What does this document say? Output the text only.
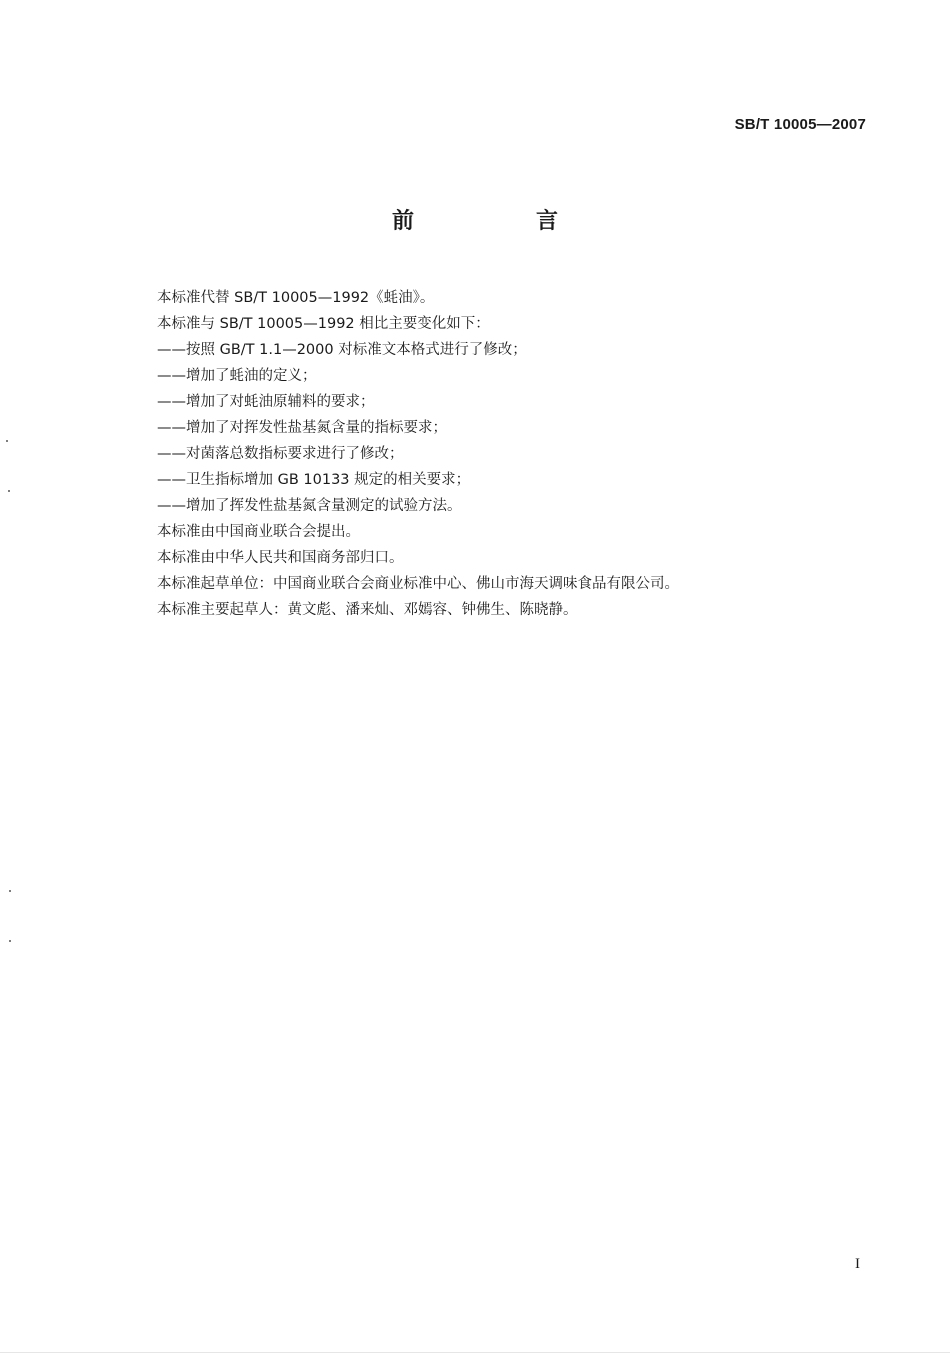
SB/T 10005—2007
前　言
本标准代替 SB/T 10005—1992《蚝油》。
本标准与 SB/T 10005—1992 相比主要变化如下：
——按照 GB/T 1.1—2000 对标准文本格式进行了修改；
——增加了蚝油的定义；
——增加了对蚝油原辅料的要求；
——增加了对挥发性盐基氮含量的指标要求；
——对菌落总数指标要求进行了修改；
——卫生指标增加 GB 10133 规定的相关要求；
——增加了挥发性盐基氮含量测定的试验方法。
本标准由中国商业联合会提出。
本标准由中华人民共和国商务部归口。
本标准起草单位：中国商业联合会商业标准中心、佛山市海天调味食品有限公司。
本标准主要起草人：黄文彪、潘来灿、邓嫣容、钟佛生、陈晓静。
I
